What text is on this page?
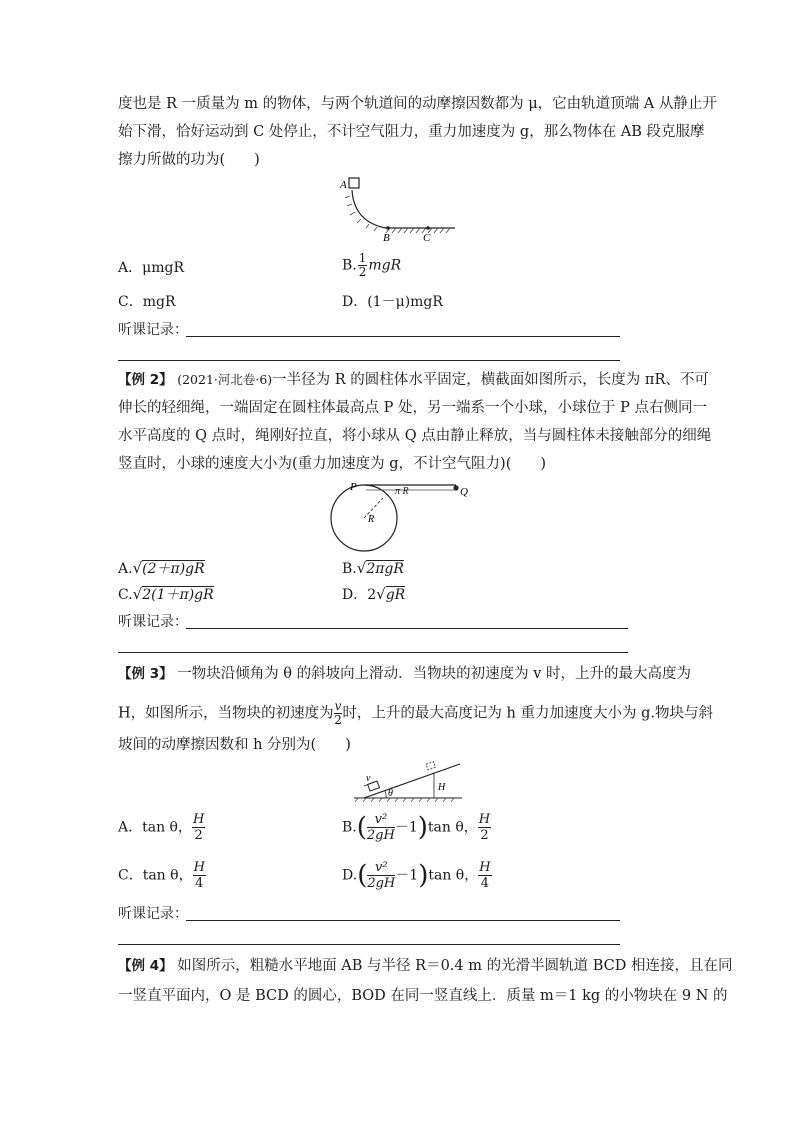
度也是 R 一质量为 m 的物体，与两个轨道间的动摩擦因数都为 μ，它由轨道顶端 A 从静止开
始下滑，恰好运动到 C 处停止，不计空气阻力，重力加速度为 g，那么物体在 AB 段克服摩
擦力所做的功为(　　)
A
B	C
A．μmgR	B. $\frac{1}{2}$ mgR
C．mgR	D．(1－μ)mgR
听课记录：
【例 2】 (2021·河北卷·6)一半径为 R 的圆柱体水平固定，横截面如图所示，长度为 πR、不可
伸长的轻细绳，一端固定在圆柱体最高点 P 处，另一端系一个小球，小球位于 P 点右侧同一
水平高度的 Q 点时，绳刚好拉直，将小球从 Q 点由静止释放，当与圆柱体未接触部分的细绳
竖直时，小球的速度大小为(重力加速度为 g，不计空气阻力)(　　)
P	Q
π R
R
A.√(2＋π)gR	B.√2πgR
C.√2(1＋π)gR	D．2√gR
听课记录：
【例 3】 一物块沿倾角为 θ 的斜坡向上滑动．当物块的初速度为 v 时，上升的最大高度为
H，如图所示，当物块的初速度为 $\frac{v}{2}$ 时，上升的最大高度记为 h 重力加速度大小为 g.物块与斜
坡间的动摩擦因数和 h 分别为(　　)
v
θ
H
A．tan θ， $\frac{H}{2}$	$B.( \frac{\text{v²}}{2gH} -1)\tan$ θ， $\frac{H}{2}$
C．tan θ， $\frac{H}{4}$	$D.( \frac{\text{v²}}{2gH} -1)\tan$ θ， $\frac{H}{4}$
听课记录：
【例 4】 如图所示，粗糙水平地面 AB 与半径 R＝0.4 m 的光滑半圆轨道 BCD 相连接，且在同
一竖直平面内，O 是 BCD 的圆心，BOD 在同一竖直线上．质量 m＝1 kg 的小物块在 9 N 的
